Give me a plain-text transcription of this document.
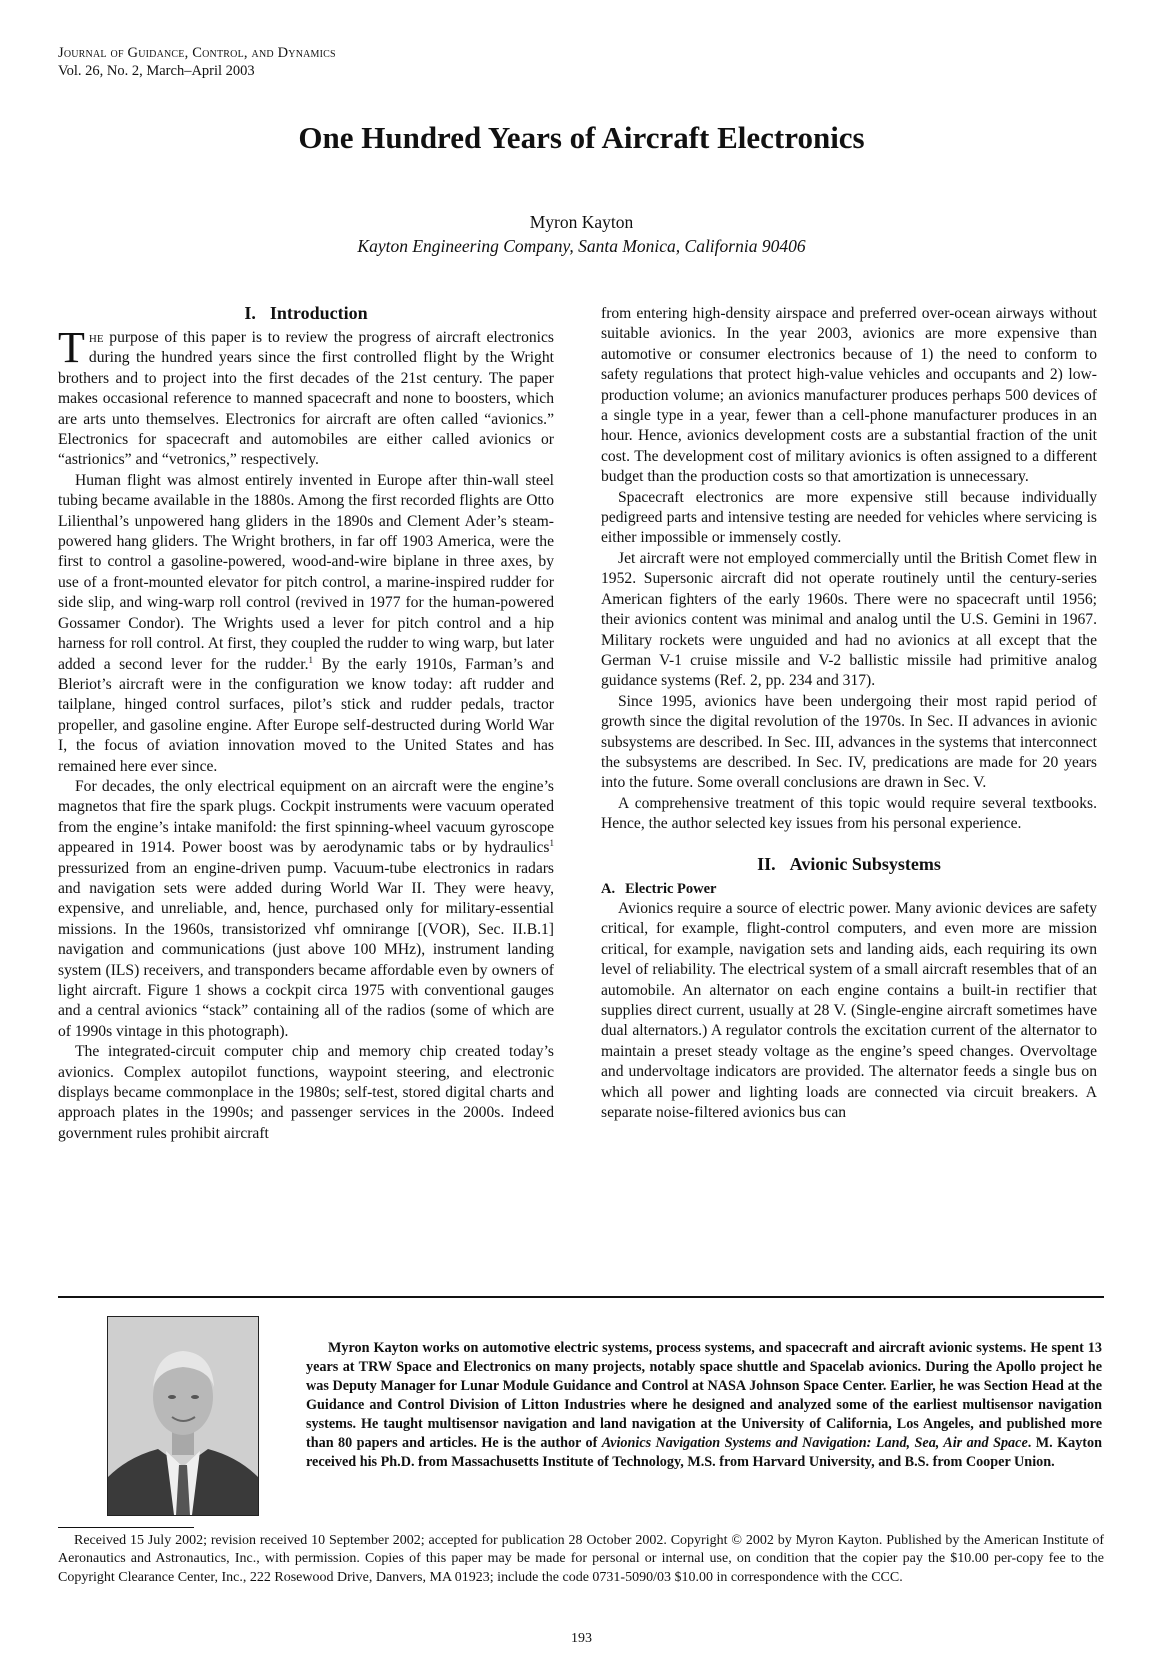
Journal of Guidance, Control, and Dynamics
Vol. 26, No. 2, March–April 2003
One Hundred Years of Aircraft Electronics
Myron Kayton
Kayton Engineering Company, Santa Monica, California 90406
I. Introduction

The purpose of this paper is to review the progress of aircraft electronics during the hundred years since the first controlled flight by the Wright brothers and to project into the first decades of the 21st century. The paper makes occasional reference to manned spacecraft and none to boosters, which are arts unto themselves. Electronics for aircraft are often called “avionics.” Electronics for spacecraft and automobiles are either called avionics or “astrionics” and “vetronics,” respectively.

Human flight was almost entirely invented in Europe after thin-wall steel tubing became available in the 1880s. Among the first recorded flights are Otto Lilienthal’s unpowered hang gliders in the 1890s and Clement Ader’s steam-powered hang gliders. The Wright brothers, in far off 1903 America, were the first to control a gasoline-powered, wood-and-wire biplane in three axes, by use of a front-mounted elevator for pitch control, a marine-inspired rudder for side slip, and wing-warp roll control (revived in 1977 for the human-powered Gossamer Condor). The Wrights used a lever for pitch control and a hip harness for roll control. At first, they coupled the rudder to wing warp, but later added a second lever for the rudder.$^1$ By the early 1910s, Farman’s and Bleriot’s aircraft were in the configuration we know today: aft rudder and tailplane, hinged control surfaces, pilot’s stick and rudder pedals, tractor propeller, and gasoline engine. After Europe self-destructed during World War I, the focus of aviation innovation moved to the United States and has remained here ever since.

For decades, the only electrical equipment on an aircraft were the engine’s magnetos that fire the spark plugs. Cockpit instruments were vacuum operated from the engine’s intake manifold: the first spinning-wheel vacuum gyroscope appeared in 1914. Power boost was by aerodynamic tabs or by hydraulics$^1$ pressurized from an engine-driven pump. Vacuum-tube electronics in radars and navigation sets were added during World War II. They were heavy, expensive, and unreliable, and, hence, purchased only for military-essential missions. In the 1960s, transistorized vhf omnirange [(VOR), Sec. II.B.1] navigation and communications (just above 100 MHz), instrument landing system (ILS) receivers, and transponders became affordable even by owners of light aircraft. Figure 1 shows a cockpit circa 1975 with conventional gauges and a central avionics “stack” containing all of the radios (some of which are of 1990s vintage in this photograph).

The integrated-circuit computer chip and memory chip created today’s avionics. Complex autopilot functions, waypoint steering, and electronic displays became commonplace in the 1980s; self-test, stored digital charts and approach plates in the 1990s; and passenger services in the 2000s. Indeed government rules prohibit aircraft

from entering high-density airspace and preferred over-ocean airways without suitable avionics. In the year 2003, avionics are more expensive than automotive or consumer electronics because of 1) the need to conform to safety regulations that protect high-value vehicles and occupants and 2) low-production volume; an avionics manufacturer produces perhaps 500 devices of a single type in a year, fewer than a cell-phone manufacturer produces in an hour. Hence, avionics development costs are a substantial fraction of the unit cost. The development cost of military avionics is often assigned to a different budget than the production costs so that amortization is unnecessary.

Spacecraft electronics are more expensive still because individually pedigreed parts and intensive testing are needed for vehicles where servicing is either impossible or immensely costly.

Jet aircraft were not employed commercially until the British Comet flew in 1952. Supersonic aircraft did not operate routinely until the century-series American fighters of the early 1960s. There were no spacecraft until 1956; their avionics content was minimal and analog until the U.S. Gemini in 1967. Military rockets were unguided and had no avionics at all except that the German V-1 cruise missile and V-2 ballistic missile had primitive analog guidance systems (Ref. 2, pp. 234 and 317).

Since 1995, avionics have been undergoing their most rapid period of growth since the digital revolution of the 1970s. In Sec. II advances in avionic subsystems are described. In Sec. III, advances in the systems that interconnect the subsystems are described. In Sec. IV, predications are made for 20 years into the future. Some overall conclusions are drawn in Sec. V.

A comprehensive treatment of this topic would require several textbooks. Hence, the author selected key issues from his personal experience.

II. Avionic Subsystems
A. Electric Power

Avionics require a source of electric power. Many avionic devices are safety critical, for example, flight-control computers, and even more are mission critical, for example, navigation sets and landing aids, each requiring its own level of reliability. The electrical system of a small aircraft resembles that of an automobile. An alternator on each engine contains a built-in rectifier that supplies direct current, usually at 28 V. (Single-engine aircraft sometimes have dual alternators.) A regulator controls the excitation current of the alternator to maintain a preset steady voltage as the engine’s speed changes. Overvoltage and undervoltage indicators are provided. The alternator feeds a single bus on which all power and lighting loads are connected via circuit breakers. A separate noise-filtered avionics bus can

Myron Kayton works on automotive electric systems, process systems, and spacecraft and aircraft avionic systems. He spent 13 years at TRW Space and Electronics on many projects, notably space shuttle and Spacelab avionics. During the Apollo project he was Deputy Manager for Lunar Module Guidance and Control at NASA Johnson Space Center. Earlier, he was Section Head at the Guidance and Control Division of Litton Industries where he designed and analyzed some of the earliest multisensor navigation systems. He taught multisensor navigation and land navigation at the University of California, Los Angeles, and published more than 80 papers and articles. He is the author of Avionics Navigation Systems and Navigation: Land, Sea, Air and Space. M. Kayton received his Ph.D. from Massachusetts Institute of Technology, M.S. from Harvard University, and B.S. from Cooper Union.

Received 15 July 2002; revision received 10 September 2002; accepted for publication 28 October 2002. Copyright © 2002 by Myron Kayton. Published by the American Institute of Aeronautics and Astronautics, Inc., with permission. Copies of this paper may be made for personal or internal use, on condition that the copier pay the $10.00 per-copy fee to the Copyright Clearance Center, Inc., 222 Rosewood Drive, Danvers, MA 01923; include the code 0731-5090/03 $10.00 in correspondence with the CCC.

193
